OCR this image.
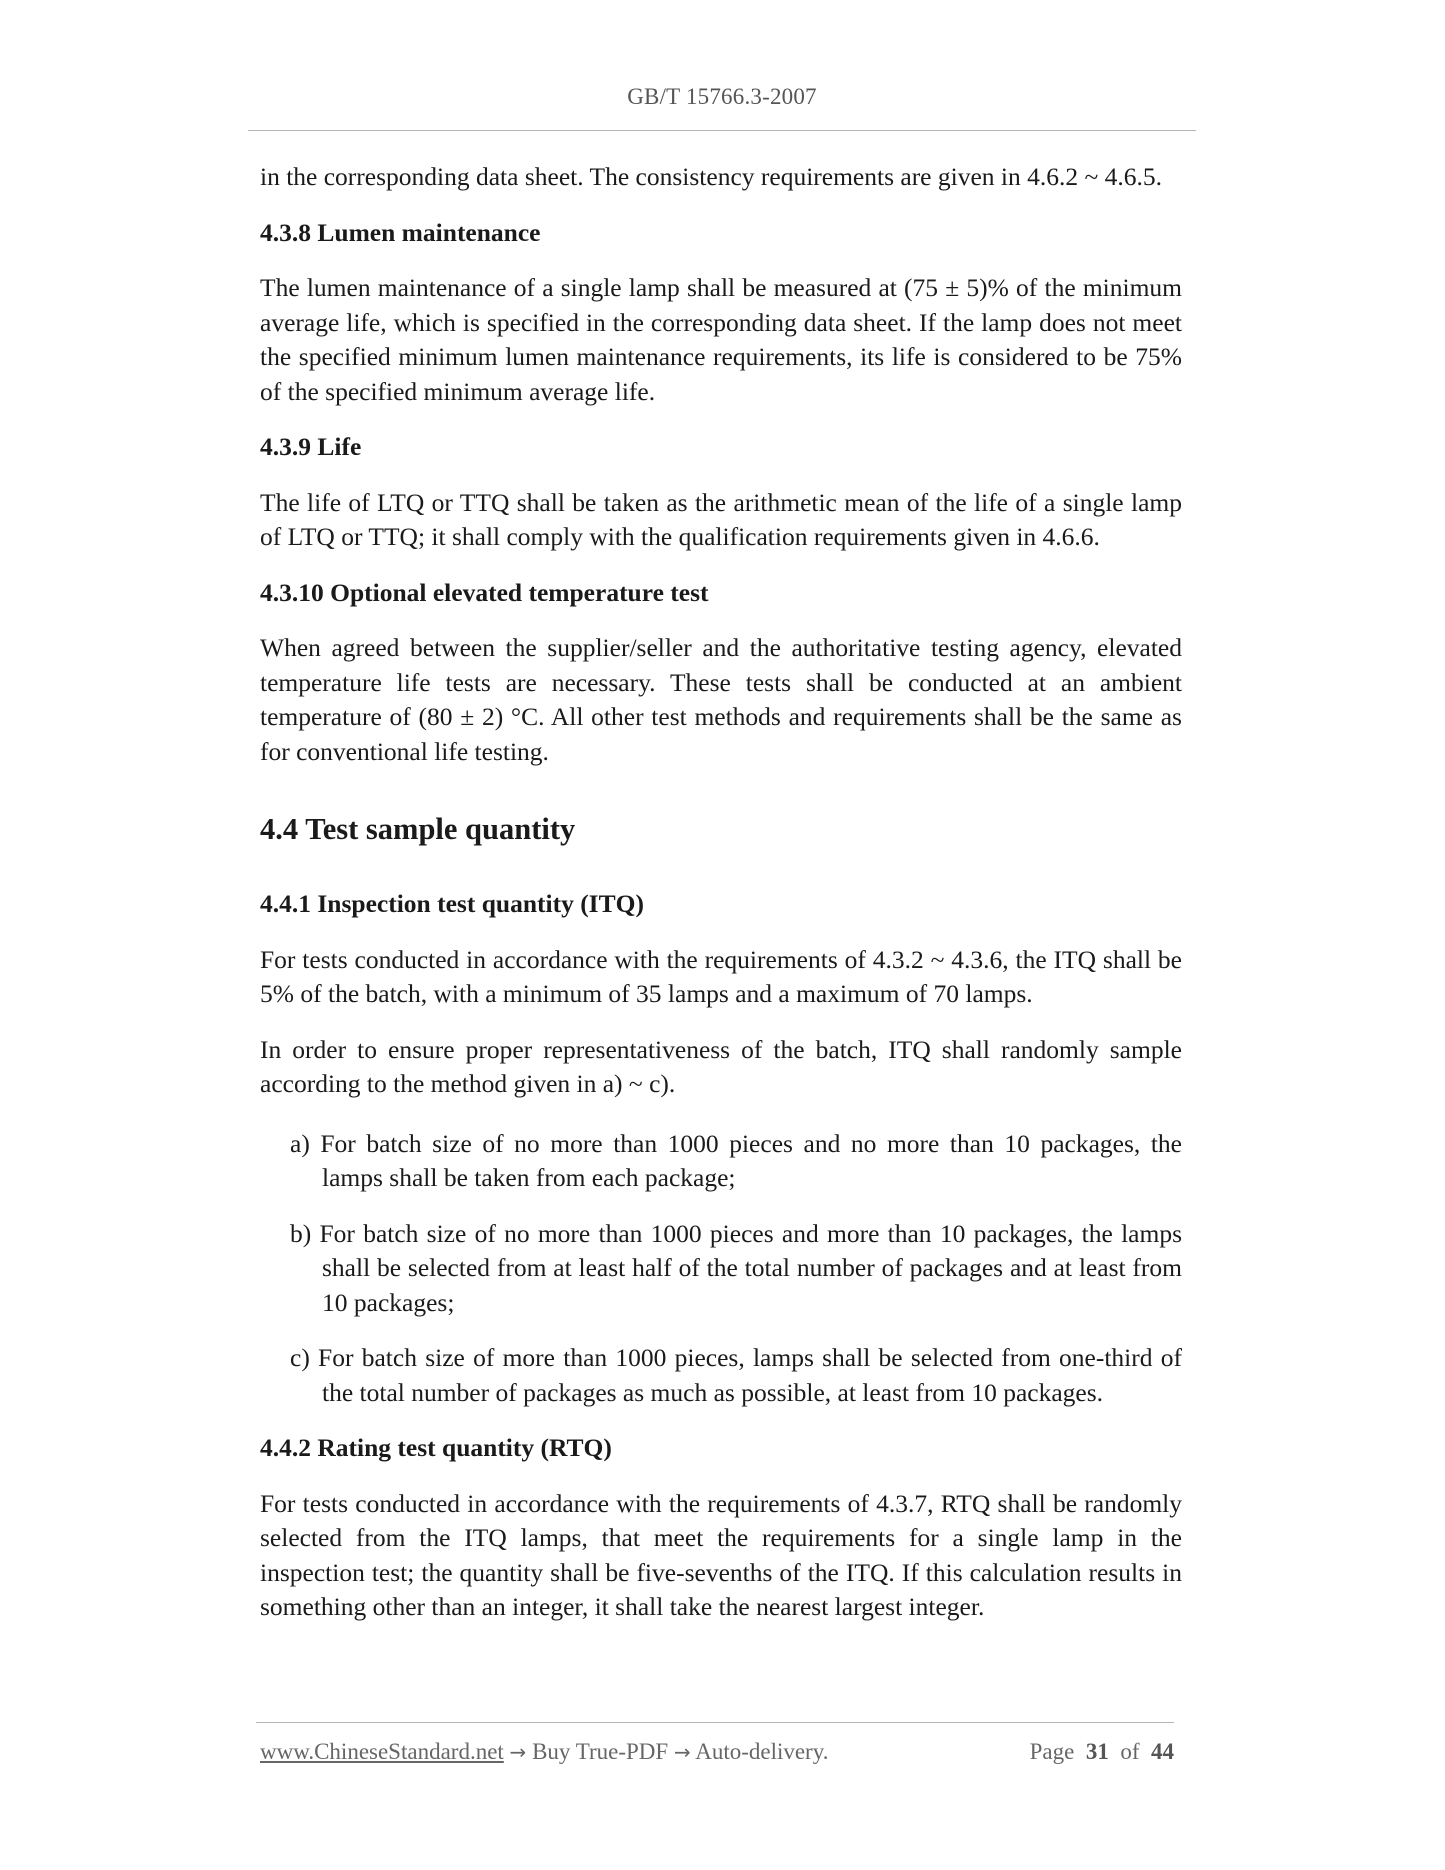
GB/T 15766.3-2007

in the corresponding data sheet. The consistency requirements are given in 4.6.2 ~ 4.6.5.

4.3.8 Lumen maintenance

The lumen maintenance of a single lamp shall be measured at (75 ± 5)% of the minimum average life, which is specified in the corresponding data sheet. If the lamp does not meet the specified minimum lumen maintenance requirements, its life is considered to be 75% of the specified minimum average life.

4.3.9 Life

The life of LTQ or TTQ shall be taken as the arithmetic mean of the life of a single lamp of LTQ or TTQ; it shall comply with the qualification requirements given in 4.6.6.

4.3.10 Optional elevated temperature test

When agreed between the supplier/seller and the authoritative testing agency, elevated temperature life tests are necessary. These tests shall be conducted at an ambient temperature of (80 ± 2) °C. All other test methods and requirements shall be the same as for conventional life testing.

4.4 Test sample quantity
4.4.1 Inspection test quantity (ITQ)

For tests conducted in accordance with the requirements of 4.3.2 ~ 4.3.6, the ITQ shall be 5% of the batch, with a minimum of 35 lamps and a maximum of 70 lamps.

In order to ensure proper representativeness of the batch, ITQ shall randomly sample according to the method given in a) ~ c).

a) For batch size of no more than 1000 pieces and no more than 10 packages, the lamps shall be taken from each package;
b) For batch size of no more than 1000 pieces and more than 10 packages, the lamps shall be selected from at least half of the total number of packages and at least from 10 packages;
c) For batch size of more than 1000 pieces, lamps shall be selected from one-third of the total number of packages as much as possible, at least from 10 packages.
4.4.2 Rating test quantity (RTQ)

For tests conducted in accordance with the requirements of 4.3.7, RTQ shall be randomly selected from the ITQ lamps, that meet the requirements for a single lamp in the inspection test; the quantity shall be five-sevenths of the ITQ. If this calculation results in something other than an integer, it shall take the nearest largest integer.

www.ChineseStandard.net → Buy True-PDF → Auto-delivery.	Page 31 of 44
